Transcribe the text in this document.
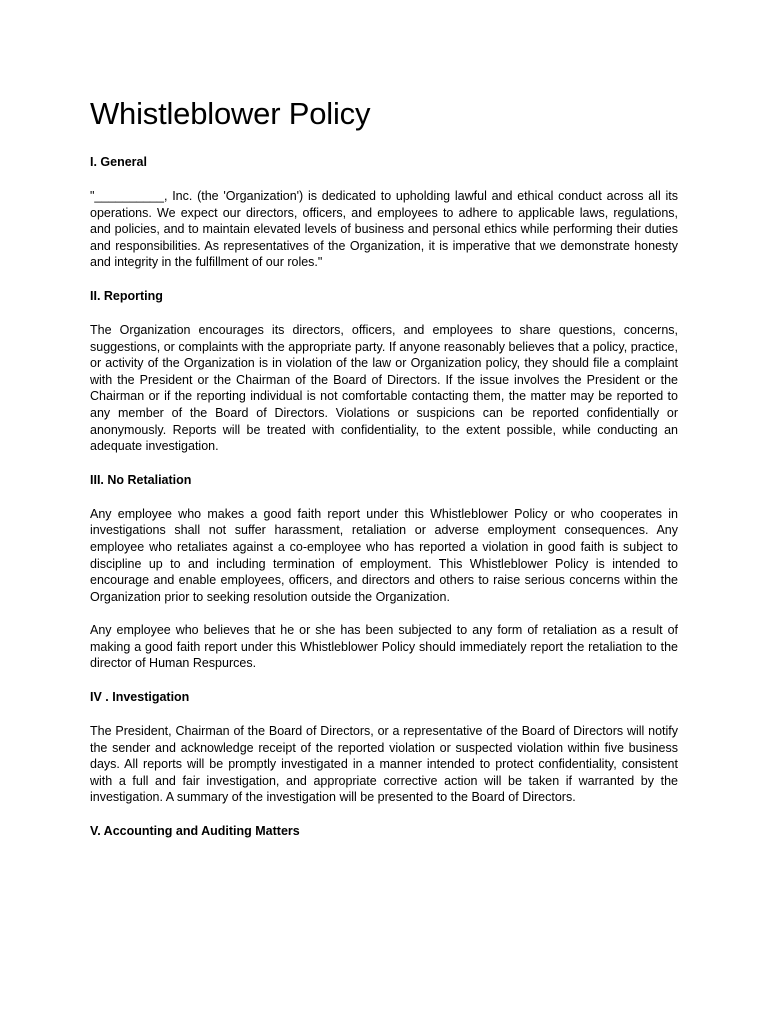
Whistleblower Policy
I. General

"__________, Inc. (the 'Organization') is dedicated to upholding lawful and ethical conduct across all its operations. We expect our directors, officers, and employees to adhere to applicable laws, regulations, and policies, and to maintain elevated levels of business and personal ethics while performing their duties and responsibilities. As representatives of the Organization, it is imperative that we demonstrate honesty and integrity in the fulfillment of our roles."

II. Reporting

The Organization encourages its directors, officers, and employees to share questions, concerns, suggestions, or complaints with the appropriate party. If anyone reasonably believes that a policy, practice, or activity of the Organization is in violation of the law or Organization policy, they should file a complaint with the President or the Chairman of the Board of Directors. If the issue involves the President or the Chairman or if the reporting individual is not comfortable contacting them, the matter may be reported to any member of the Board of Directors. Violations or suspicions can be reported confidentially or anonymously. Reports will be treated with confidentiality, to the extent possible, while conducting an adequate investigation.

III. No Retaliation

Any employee who makes a good faith report under this Whistleblower Policy or who cooperates in investigations shall not suffer harassment, retaliation or adverse employment consequences. Any employee who retaliates against a co-employee who has reported a violation in good faith is subject to discipline up to and including termination of employment. This Whistleblower Policy is intended to encourage and enable employees, officers, and directors and others to raise serious concerns within the Organization prior to seeking resolution outside the Organization.

Any employee who believes that he or she has been subjected to any form of retaliation as a result of making a good faith report under this Whistleblower Policy should immediately report the retaliation to the director of Human Respurces.

IV . Investigation

The President, Chairman of the Board of Directors, or a representative of the Board of Directors will notify the sender and acknowledge receipt of the reported violation or suspected violation within five business days. All reports will be promptly investigated in a manner intended to protect confidentiality, consistent with a full and fair investigation, and appropriate corrective action will be taken if warranted by the investigation. A summary of the investigation will be presented to the Board of Directors.

V. Accounting and Auditing Matters
